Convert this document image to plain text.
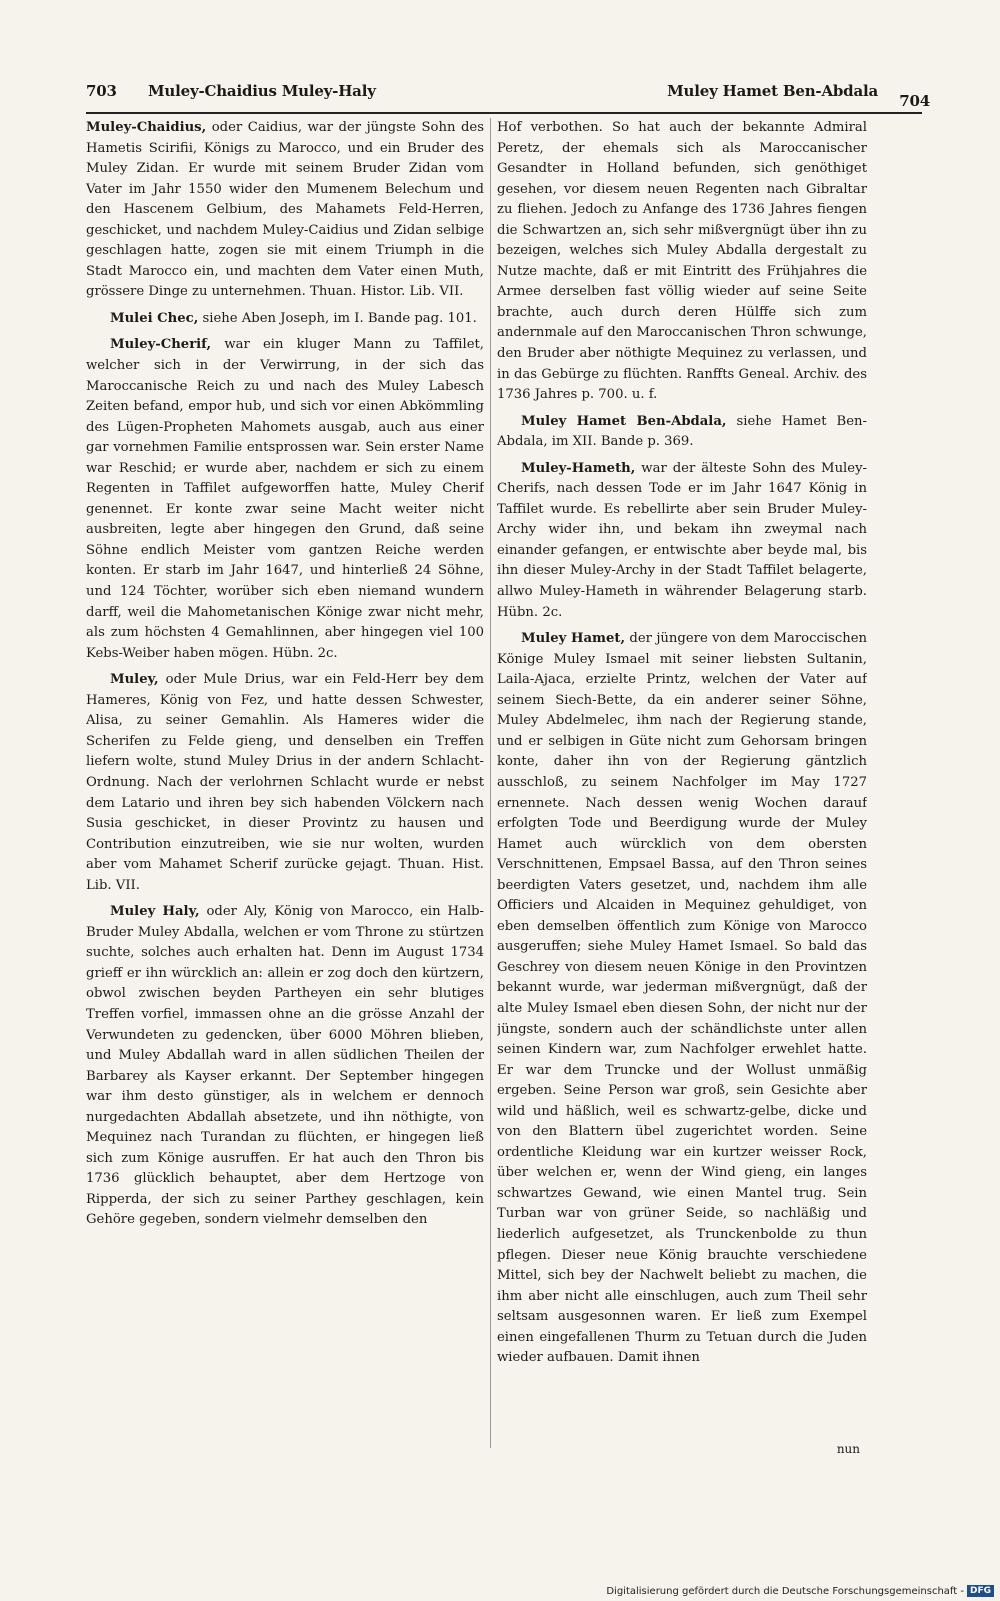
703 Muley-Chaidius Muley-Haly	Muley Hamet Ben-Abdala
704

Muley-Chaidius, oder Caidius, war der jüngste Sohn des Hametis Scirifii, Königs zu Marocco, und ein Bruder des Muley Zidan. Er wurde mit seinem Bruder Zidan vom Vater im Jahr 1550 wider den Mumenem Belechum und den Hascenem Gelbium, des Mahamets Feld-Herren, geschicket, und nachdem Muley-Caidius und Zidan selbige geschlagen hatte, zogen sie mit einem Triumph in die Stadt Marocco ein, und machten dem Vater einen Muth, grössere Dinge zu unternehmen. Thuan. Histor. Lib. VII.

Mulei Chec, siehe Aben Joseph, im I. Bande pag. 101.

Muley-Cherif, war ein kluger Mann zu Taffilet, welcher sich in der Verwirrung, in der sich das Maroccanische Reich zu und nach des Muley Labesch Zeiten befand, empor hub, und sich vor einen Abkömmling des Lügen-Propheten Mahomets ausgab, auch aus einer gar vornehmen Familie entsprossen war. Sein erster Name war Reschid; er wurde aber, nachdem er sich zu einem Regenten in Taffilet aufgeworffen hatte, Muley Cherif genennet. Er konte zwar seine Macht weiter nicht ausbreiten, legte aber hingegen den Grund, daß seine Söhne endlich Meister vom gantzen Reiche werden konten. Er starb im Jahr 1647, und hinterließ 24 Söhne, und 124 Töchter, worüber sich eben niemand wundern darff, weil die Mahometanischen Könige zwar nicht mehr, als zum höchsten 4 Gemahlinnen, aber hingegen viel 100 Kebs-Weiber haben mögen. Hübn. 2c.

Muley, oder Mule Drius, war ein Feld-Herr bey dem Hameres, König von Fez, und hatte dessen Schwester, Alisa, zu seiner Gemahlin. Als Hameres wider die Scherifen zu Felde gieng, und denselben ein Treffen liefern wolte, stund Muley Drius in der andern Schlacht-Ordnung. Nach der verlohrnen Schlacht wurde er nebst dem Latario und ihren bey sich habenden Völckern nach Susia geschicket, in dieser Provintz zu hausen und Contribution einzutreiben, wie sie nur wolten, wurden aber vom Mahamet Scherif zurücke gejagt. Thuan. Hist. Lib. VII.

Muley Haly, oder Aly, König von Marocco, ein Halb-Bruder Muley Abdalla, welchen er vom Throne zu stürtzen suchte, solches auch erhalten hat. Denn im August 1734 grieff er ihn würcklich an: allein er zog doch den kürtzern, obwol zwischen beyden Partheyen ein sehr blutiges Treffen vorfiel, immassen ohne an die grösse Anzahl der Verwundeten zu gedencken, über 6000 Möhren blieben, und Muley Abdallah ward in allen südlichen Theilen der Barbarey als Kayser erkannt. Der September hingegen war ihm desto günstiger, als in welchem er dennoch nurgedachten Abdallah absetzete, und ihn nöthigte, von Mequinez nach Turandan zu flüchten, er hingegen ließ sich zum Könige ausruffen. Er hat auch den Thron bis 1736 glücklich behauptet, aber dem Hertzoge von Ripperda, der sich zu seiner Parthey geschlagen, kein Gehöre gegeben, sondern vielmehr demselben den

Hof verbothen. So hat auch der bekannte Admiral Peretz, der ehemals sich als Maroccanischer Gesandter in Holland befunden, sich genöthiget gesehen, vor diesem neuen Regenten nach Gibraltar zu fliehen. Jedoch zu Anfange des 1736 Jahres fiengen die Schwartzen an, sich sehr mißvergnügt über ihn zu bezeigen, welches sich Muley Abdalla dergestalt zu Nutze machte, daß er mit Eintritt des Frühjahres die Armee derselben fast völlig wieder auf seine Seite brachte, auch durch deren Hülffe sich zum andernmale auf den Maroccanischen Thron schwunge, den Bruder aber nöthigte Mequinez zu verlassen, und in das Gebürge zu flüchten. Ranffts Geneal. Archiv. des 1736 Jahres p. 700. u. f.

Muley Hamet Ben-Abdala, siehe Hamet Ben-Abdala, im XII. Bande p. 369.

Muley-Hameth, war der älteste Sohn des Muley-Cherifs, nach dessen Tode er im Jahr 1647 König in Taffilet wurde. Es rebellirte aber sein Bruder Muley-Archy wider ihn, und bekam ihn zweymal nach einander gefangen, er entwischte aber beyde mal, bis ihn dieser Muley-Archy in der Stadt Taffilet belagerte, allwo Muley-Hameth in währender Belagerung starb. Hübn. 2c.

Muley Hamet, der jüngere von dem Maroccischen Könige Muley Ismael mit seiner liebsten Sultanin, Laila-Ajaca, erzielte Printz, welchen der Vater auf seinem Siech-Bette, da ein anderer seiner Söhne, Muley Abdelmelec, ihm nach der Regierung stande, und er selbigen in Güte nicht zum Gehorsam bringen konte, daher ihn von der Regierung gäntzlich ausschloß, zu seinem Nachfolger im May 1727 ernennete. Nach dessen wenig Wochen darauf erfolgten Tode und Beerdigung wurde der Muley Hamet auch würcklich von dem obersten Verschnittenen, Empsael Bassa, auf den Thron seines beerdigten Vaters gesetzet, und, nachdem ihm alle Officiers und Alcaiden in Mequinez gehuldiget, von eben demselben öffentlich zum Könige von Marocco ausgeruffen; siehe Muley Hamet Ismael. So bald das Geschrey von diesem neuen Könige in den Provintzen bekannt wurde, war jederman mißvergnügt, daß der alte Muley Ismael eben diesen Sohn, der nicht nur der jüngste, sondern auch der schändlichste unter allen seinen Kindern war, zum Nachfolger erwehlet hatte. Er war dem Truncke und der Wollust unmäßig ergeben. Seine Person war groß, sein Gesichte aber wild und häßlich, weil es schwartz-gelbe, dicke und von den Blattern übel zugerichtet worden. Seine ordentliche Kleidung war ein kurtzer weisser Rock, über welchen er, wenn der Wind gieng, ein langes schwartzes Gewand, wie einen Mantel trug. Sein Turban war von grüner Seide, so nachläßig und liederlich aufgesetzet, als Trunckenbolde zu thun pflegen. Dieser neue König brauchte verschiedene Mittel, sich bey der Nachwelt beliebt zu machen, die ihm aber nicht alle einschlugen, auch zum Theil sehr seltsam ausgesonnen waren. Er ließ zum Exempel einen eingefallenen Thurm zu Tetuan durch die Juden wieder aufbauen. Damit ihnen

nun
Digitalisierung gefördert durch die Deutsche Forschungsgemeinschaft - DFG
